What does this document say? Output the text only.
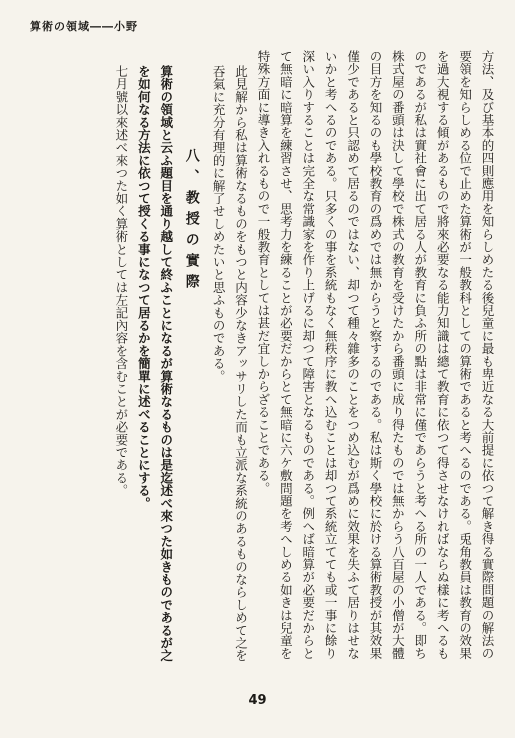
算術の領域――小野

方法、及び基本的四則應用を知らしめたる後兒童に最も卑近なる大前提に依つて解き得る實際問題の解法の要領を知らしめる位で止めた算術が一般教科としての算術であると考へるのである。兎角教員は教育の效果を過大視する傾があるもので將來必要なる能力知識は總て教育に依つて得させなければならぬ樣に考へるものであるが私は實社會に出て居る人が教育に負ふ所の點は非常に僅であらうと考へる所の一人である。即ち株式屋の番頭は決して學校で株式の教育を受けたから番頭に成り得たものでは無からう八百屋の小僧が大體の目方を知るのも學校教育の爲めでは無からうと察するのである。私は斯く學校に於ける算術教授が其效果僅少であると只認めて居るのではない、却つて種々雜多のことをつめ込むが爲めに效果を失ふて居りはせないかと考へるのである。只多くの事を系統もなく無秩序に教へ込むことは却つて系統立てても或一事に餘り深い入りすることは完全な常識家を作り上げるに却つて障害となるものである。例へば暗算が必要だからとて無暗に暗算を練習させ、思考力を練ることが必要だからとて無暗に六ケ敷問題を考へしめる如きは兒童を特殊方面に導き入れるもので一般教育としては甚だ宜しからざることである。

此見解から私は算術なるものをもつと内容少なきアッサリした而も立派な系統のあるものならしめて之を吞氣に充分有理的に解了せしめたいと思ふものである。

八、教授の實際

算術の領域と云ふ題目を通り越して終ふことになるが算術なるものは是迄述べ來つた如きものであるが之を如何なる方法に依つて授くる事になつて居るかを簡單に述べることにする。

七月號以來述べ來つた如く算術としては左記內容を含むことが必要である。

49
